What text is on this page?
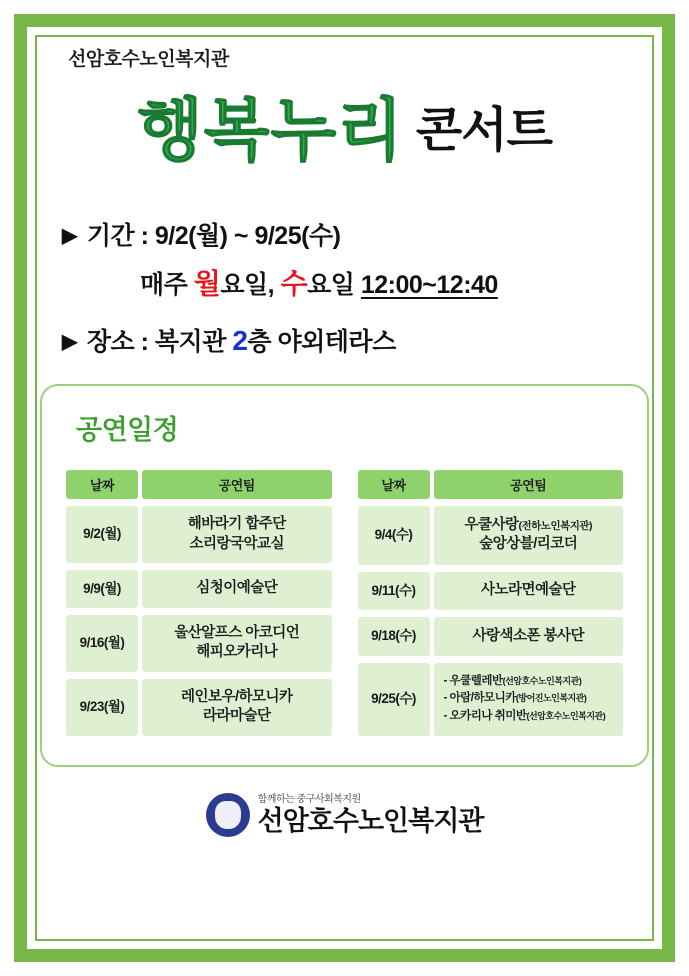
선암호수노인복지관
행복누리 콘서트
▶ 기간 : 9/2(월) ~ 9/25(수)
매주 월요일, 수요일 12:00~12:40
▶ 장소 : 복지관 2층 야외테라스
공연일정
날짜	공연팀
9/2(월)	해바라기 합주단
소리랑국악교실

9/9(월)	심청이예술단

9/16(월)	울산알프스 아코디언
해피오카리나

9/23(월)	레인보우/하모니카
라라마술단
날짜	공연팀
9/4(수)	우쿨사랑(전하노인복지관)
숲앙상블/리코더

9/11(수)	사노라면예술단

9/18(수)	사랑색소폰 봉사단

9/25(수)	- 우쿨렐레반(선암호수노인복지관)
- 아람/하모니카(방어진노인복지관)
- 오카리나 취미반(선암호수노인복지관)
함께하는 중구사회복지원
선암호수노인복지관
